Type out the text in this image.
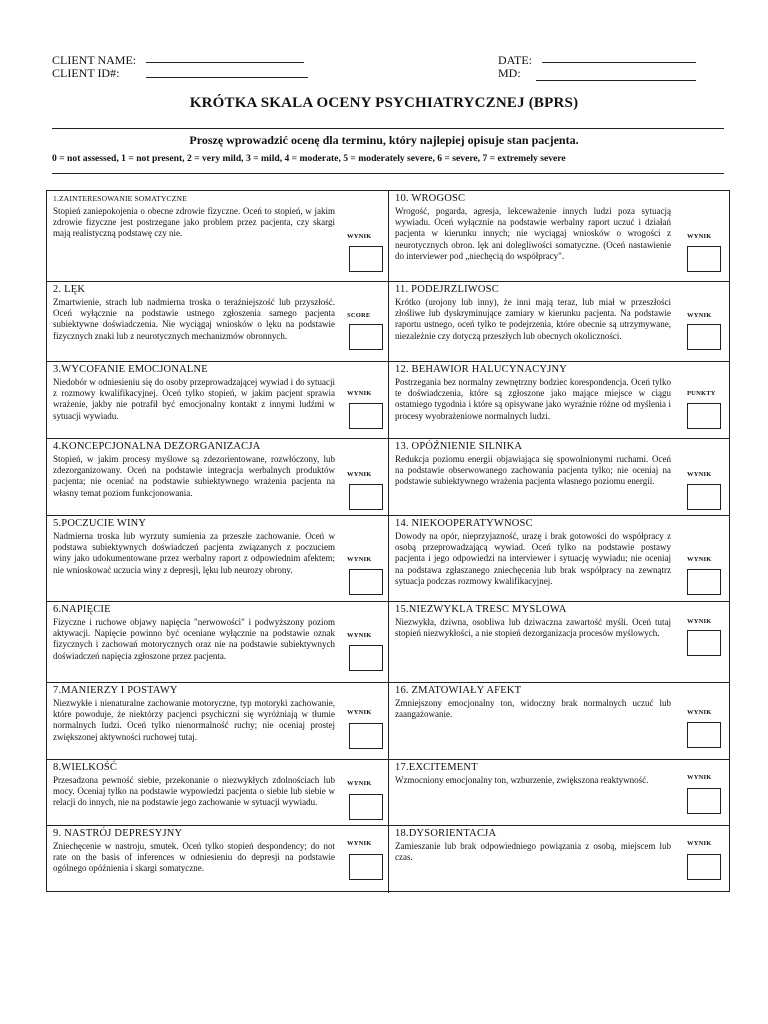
CLIENT NAME:
CLIENT ID#:
DATE:
MD:
KRÓTKA SKALA OCENY PSYCHIATRYCZNEJ (BPRS)
Proszę wprowadzić ocenę dla terminu, który najlepiej opisuje stan pacjenta.
0 = not assessed, 1 = not present, 2 = very mild, 3 = mild, 4 = moderate, 5 = moderately severe, 6 = severe, 7 = extremely severe
1.ZAINTERESOWANIE SOMATYCZNE
Stopień zaniepokojenia o obecne zdrowie fizyczne. Oceń to stopień, w jakim zdrowie fizyczne jest postrzegane jako problem przez pacjenta, czy skargi mają realistyczną podstawę czy nie.	WYNIK
2. LĘK
Zmartwienie, strach lub nadmierna troska o teraźniejszość lub przyszłość. Oceń wyłącznie na podstawie ustnego zgłoszenia samego pacjenta subiektywne doświadczenia. Nie wyciągaj wniosków o lęku na podstawie fizycznych znaki lub z neurotycznych mechanizmów obronnych.
SCORE
3.WYCOFANIE EMOCJONALNE
Niedobór w odniesieniu się do osoby przeprowadzającej wywiad i do sytuacji z rozmowy kwalifikacyjnej. Oceń tylko stopień, w jakim pacjent sprawia wrażenie, jakby nie potrafił być emocjonalny kontakt z innymi ludźmi w sytuacji wywiadu.
WYNIK
4.KONCEPCJONALNA DEZORGANIZACJA
Stopień, w jakim procesy myślowe są zdezorientowane, rozwłóczony, lub zdezorganizowany. Oceń na podstawie integracja werbalnych produktów pacjenta; nie oceniać na podstawie subiektywnego wrażenia pacjenta na własny temat poziom funkcjonowania.
WYNIK
5.POCZUCIE WINY
Nadmierna troska lub wyrzuty sumienia za przeszłe zachowanie. Oceń w podstawa subiektywnych doświadczeń pacjenta związanych z poczuciem winy jako udokumentowane przez werbalny raport z odpowiednim afektem; nie wnioskować uczucia winy z depresji, lęku lub neurozy obrony.
WYNIK
6.NAPIĘCIE
Fizyczne i ruchowe objawy napięcia "nerwowości" i podwyższony poziom aktywacji. Napięcie powinno być oceniane wyłącznie na podstawie oznak fizycznych i zachowań motorycznych oraz nie na podstawie subiektywnych doświadczeń napięcia zgłoszone przez pacjenta.
WYNIK
7.MANIERZY I POSTAWY
Niezwykłe i nienaturalne zachowanie motoryczne, typ motoryki zachowanie, które powoduje, że niektórzy pacjenci psychiczni się wyróżniają w tłumie normalnych ludzi. Oceń tylko nienormalność ruchy; nie oceniaj prostej zwiększonej aktywności ruchowej tutaj.
WYNIK
8.WIELKOŚĆ
Przesadzona pewność siebie, przekonanie o niezwykłych zdolnościach lub mocy. Oceniaj tylko na podstawie wypowiedzi pacjenta o siebie lub siebie w relacji do innych, nie na podstawie jego zachowanie w sytuacji wywiadu.
WYNIK
9. NASTRÓJ DEPRESYJNY
Zniechęcenie w nastroju, smutek. Oceń tylko stopień despondency; do not rate on the basis of inferences w odniesieniu do depresji na podstawie ogólnego opóźnienia i skargi somatyczne.
WYNIK
10. WROGOSC
Wrogość, pogarda, agresja, lekceważenie innych ludzi poza sytuacją wywiadu. Oceń wyłącznie na podstawie werbalny raport uczuć i działań pacjenta w kierunku innych; nie wyciągaj wniosków o wrogości z neurotycznych obron. lęk ani dolegliwości somatyczne. (Oceń nastawienie do interviewer pod „niechęcią do współpracy".
WYNIK
11. PODEJRZLIWOSC
Krótko (urojony lub inny), że inni mają teraz, lub miał w przeszłości złośliwe lub dyskryminujące zamiary w kierunku pacjenta. Na podstawie raportu ustnego, oceń tylko te podejrzenia, które obecnie są utrzymywane, niezależnie czy dotyczą przeszłych lub obecnych okoliczności.
WYNIK
12. BEHAWIOR HALUCYNACYJNY
Postrzegania bez normalny zewnętrzny bodziec korespondencja. Oceń tylko te doświadczenia, które są zgłoszone jako mające miejsce w ciągu ostatniego tygodnia i które są opisywane jako wyraźnie różne od myślenia i procesy wyobrażeniowe normalnych ludzi.
PUNKTY
13. OPÓŹNIENIE SILNIKA
Redukcja poziomu energii objawiająca się spowolnionymi ruchami. Oceń na podstawie obserwowanego zachowania pacjenta tylko; nie oceniaj na podstawie subiektywnego wrażenia pacjenta własnego poziomu energii.
WYNIK
14. NIEKOOPERATYWNOSC
Dowody na opór, nieprzyjazność, urazę i brak gotowości do współpracy z osobą przeprowadzającą wywiad. Oceń tylko na podstawie postawy pacjenta i jego odpowiedzi na interviewer i sytuację wywiadu; nie oceniaj na podstawa zgłaszanego zniechęcenia lub brak współpracy na zewnątrz sytuacja podczas rozmowy kwalifikacyjnej.
WYNIK
15.NIEZWYKLA TRESC MYSLOWA
Niezwykła, dziwna, osobliwa lub dziwaczna zawartość myśli. Oceń tutaj stopień niezwykłości, a nie stopień dezorganizacja procesów myślowych.
WYNIK
16. ZMATOWIAŁY AFEKT
Zmniejszony emocjonalny ton, widoczny brak normalnych uczuć lub zaangażowanie.	WYNIK
17.EXCITEMENT
Wzmocniony emocjonalny ton, wzburzenie, zwiększona reaktywność.	WYNIK
18.DYSORIENTACJA
Zamieszanie lub brak odpowiedniego powiązania z osobą, miejscem lub czas.
WYNIK
